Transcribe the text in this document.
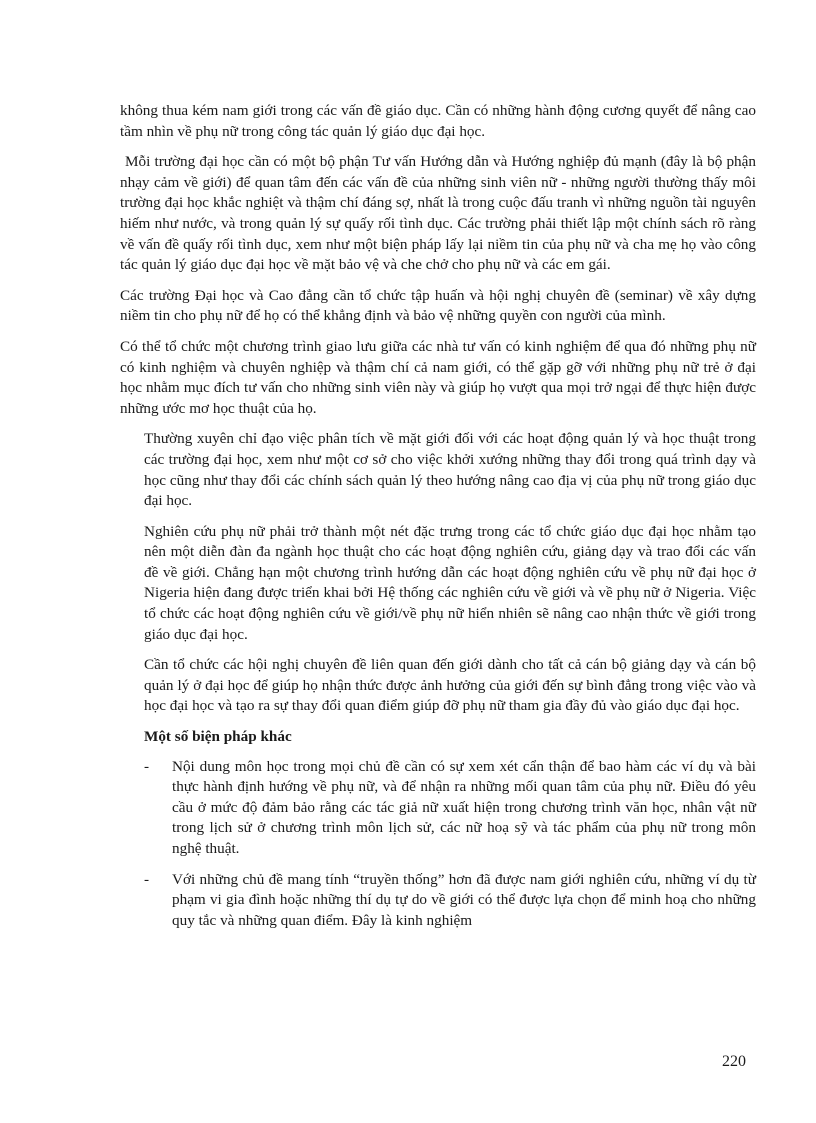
không thua kém nam giới trong các vấn đề giáo dục. Cần có những hành động cương quyết để nâng cao tầm nhìn về phụ nữ trong công tác quản lý giáo dục đại học.

Mỗi trường đại học cần có một bộ phận Tư vấn Hướng dẫn và Hướng nghiệp đủ mạnh (đây là bộ phận nhạy cảm về giới) để quan tâm đến các vấn đề của những sinh viên nữ - những người thường thấy môi trường đại học khắc nghiệt và thậm chí đáng sợ, nhất là trong cuộc đấu tranh vì những nguồn tài nguyên hiếm như nước, và trong quản lý sự quấy rối tình dục. Các trường phải thiết lập một chính sách rõ ràng về vấn đề quấy rối tình dục, xem như một biện pháp lấy lại niềm tin của phụ nữ và cha mẹ họ vào công tác quản lý giáo dục đại học về mặt bảo vệ và che chở cho phụ nữ và các em gái.

Các trường Đại học và Cao đẳng cần tổ chức tập huấn và hội nghị chuyên đề (seminar) về xây dựng niềm tin cho phụ nữ để họ có thể khẳng định và bảo vệ những quyền con người của mình.

Có thể tổ chức một chương trình giao lưu giữa các nhà tư vấn có kinh nghiệm để qua đó những phụ nữ có kinh nghiệm và chuyên nghiệp và thậm chí cả nam giới, có thể gặp gỡ với những phụ nữ trẻ ở đại học nhằm mục đích tư vấn cho những sinh viên này và giúp họ vượt qua mọi trở ngại để thực hiện được những ước mơ học thuật của họ.

Thường xuyên chỉ đạo việc phân tích về mặt giới đối với các hoạt động quản lý và học thuật trong các trường đại học, xem như một cơ sở cho việc khởi xướng những thay đổi trong quá trình dạy và học cũng như thay đổi các chính sách quản lý theo hướng nâng cao địa vị của phụ nữ trong giáo dục đại học.

Nghiên cứu phụ nữ phải trở thành một nét đặc trưng trong các tổ chức giáo dục đại học nhằm tạo nên một diễn đàn đa ngành học thuật cho các hoạt động nghiên cứu, giảng dạy và trao đổi các vấn đề về giới. Chẳng hạn một chương trình hướng dẫn các hoạt động nghiên cứu về phụ nữ đại học ở Nigeria hiện đang được triển khai bởi Hệ thống các nghiên cứu về giới và về phụ nữ ở Nigeria. Việc tổ chức các hoạt động nghiên cứu về giới/về phụ nữ hiển nhiên sẽ nâng cao nhận thức về giới trong giáo dục đại học.

Cần tổ chức các hội nghị chuyên đề liên quan đến giới dành cho tất cả cán bộ giảng dạy và cán bộ quản lý ở đại học để giúp họ nhận thức được ảnh hưởng của giới đến sự bình đẳng trong việc vào và học đại học và tạo ra sự thay đổi quan điểm giúp đỡ phụ nữ tham gia đầy đủ vào giáo dục đại học.

Một số biện pháp khác
- Nội dung môn học trong mọi chủ đề cần có sự xem xét cẩn thận để bao hàm các ví dụ và bài thực hành định hướng về phụ nữ, và để nhận ra những mối quan tâm của phụ nữ. Điều đó yêu cầu ở mức độ đảm bảo rằng các tác giả nữ xuất hiện trong chương trình văn học, nhân vật nữ trong lịch sử ở chương trình môn lịch sử, các nữ hoạ sỹ và tác phẩm của phụ nữ trong môn nghệ thuật.
- Với những chủ đề mang tính “truyền thống” hơn đã được nam giới nghiên cứu, những ví dụ từ phạm vi gia đình hoặc những thí dụ tự do về giới có thể được lựa chọn để minh hoạ cho những quy tắc và những quan điểm. Đây là kinh nghiệm
220
